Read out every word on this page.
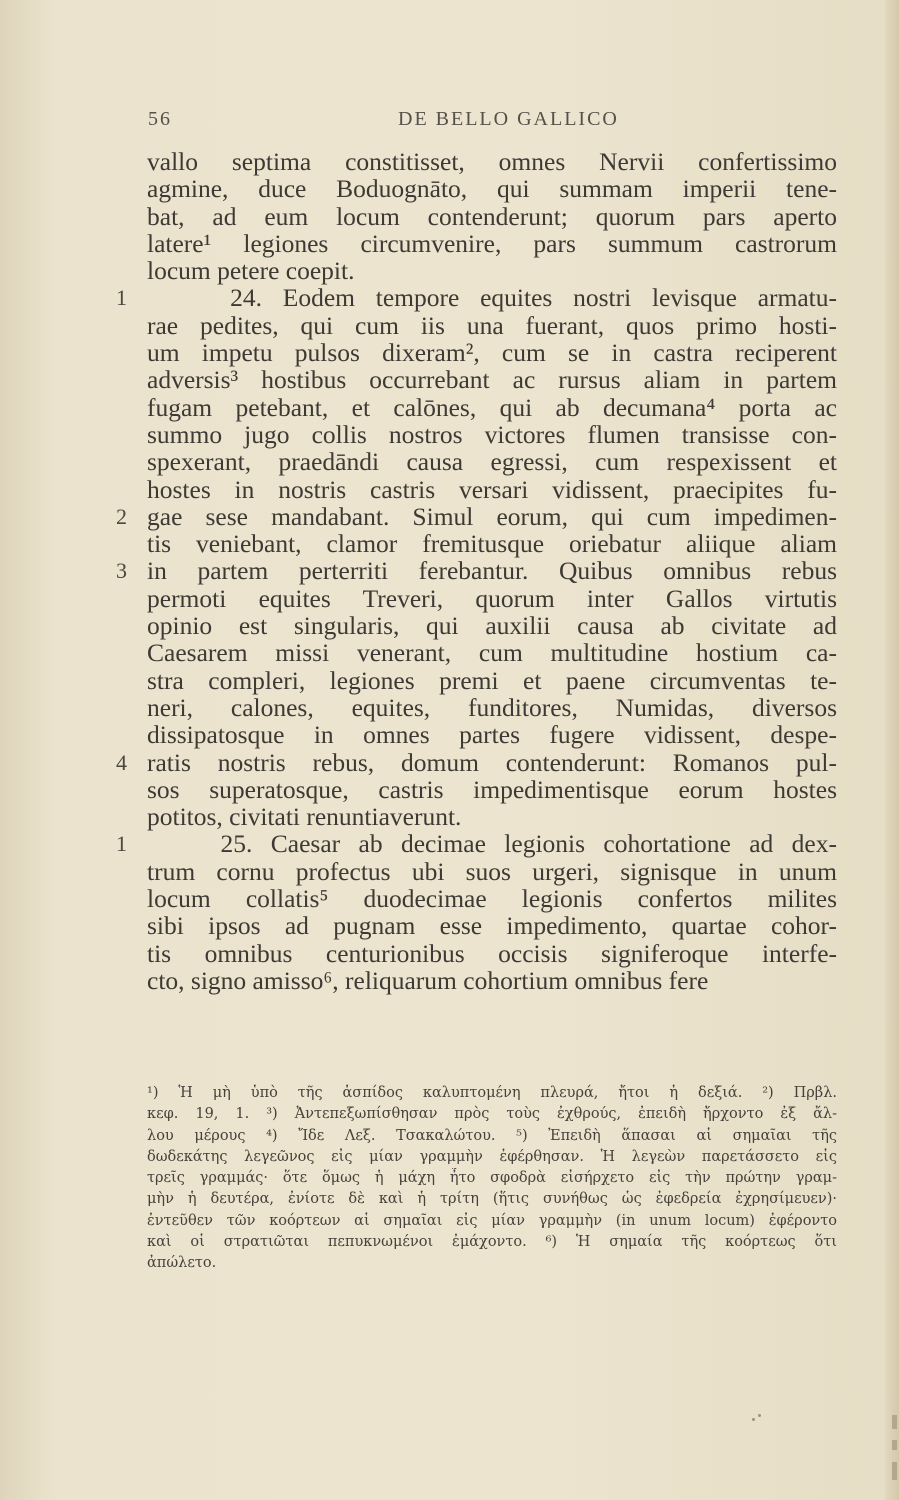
56	DE BELLO GALLICO
vallo septima constitisset, omnes Nervii confertissimo
agmine, duce Boduognāto, qui summam imperii tene-
bat, ad eum locum contenderunt; quorum pars aperto
latere¹ legiones circumvenire, pars summum castrorum
locum petere coepit.
1 24. Eodem tempore equites nostri levisque armatu-
rae pedites, qui cum iis una fuerant, quos primo hosti-
um impetu pulsos dixeram², cum se in castra reciperent
adversis³ hostibus occurrebant ac rursus aliam in partem
fugam petebant, et calōnes, qui ab decumana⁴ porta ac
summo jugo collis nostros victores flumen transisse con-
spexerant, praedāndi causa egressi, cum respexissent et
hostes in nostris castris versari vidissent, praecipites fu-
2 gae sese mandabant. Simul eorum, qui cum impedimen-
tis veniebant, clamor fremitusque oriebatur aliique aliam
3 in partem perterriti ferebantur. Quibus omnibus rebus
permoti equites Treveri, quorum inter Gallos virtutis
opinio est singularis, qui auxilii causa ab civitate ad
Caesarem missi venerant, cum multitudine hostium ca-
stra compleri, legiones premi et paene circumventas te-
neri, calones, equites, funditores, Numidas, diversos
dissipatosque in omnes partes fugere vidissent, despe-
4 ratis nostris rebus, domum contenderunt: Romanos pul-
sos superatosque, castris impedimentisque eorum hostes
potitos, civitati renuntiaverunt.
1 25. Caesar ab decimae legionis cohortatione ad dex-
trum cornu profectus ubi suos urgeri, signisque in unum
locum collatis⁵ duodecimae legionis confertos milites
sibi ipsos ad pugnam esse impedimento, quartae cohor-
tis omnibus centurionibus occisis signiferoque interfe-
cto, signo amisso⁶, reliquarum cohortium omnibus fere
¹) Ἡ μὴ ὑπὸ τῆς ἀσπίδος καλυπτομένη πλευρά, ἤτοι ἡ δεξιά. ²) Πρβλ.
κεφ. 19, 1. ³) Ἀντεπεξωπίσθησαν πρὸς τοὺς ἐχθρούς, ἐπειδὴ ἤρχοντο ἐξ ἄλ-
λου μέρους ⁴) Ἴδε Λεξ. Τσακαλώτου. ⁵) Ἐπειδὴ ἅπασαι αἱ σημαῖαι τῆς
δωδεκάτης λεγεῶνος εἰς μίαν γραμμὴν ἐφέρθησαν. Ἡ λεγεὼν παρετάσσετο εἰς
τρεῖς γραμμάς· ὅτε ὅμως ἡ μάχη ἦτο σφοδρὰ εἰσήρχετο εἰς τὴν πρώτην γραμ-
μὴν ἡ δευτέρα, ἐνίοτε δὲ καὶ ἡ τρίτη (ἥτις συνήθως ὡς ἐφεδρεία ἐχρησίμευεν)·
ἐντεῦθεν τῶν κοόρτεων αἱ σημαῖαι εἰς μίαν γραμμὴν (in unum locum) ἐφέροντο
καὶ οἱ στρατιῶται πεπυκνωμένοι ἐμάχοντο. ⁶) Ἡ σημαία τῆς κοόρτεως ὅτι
ἀπώλετο.
